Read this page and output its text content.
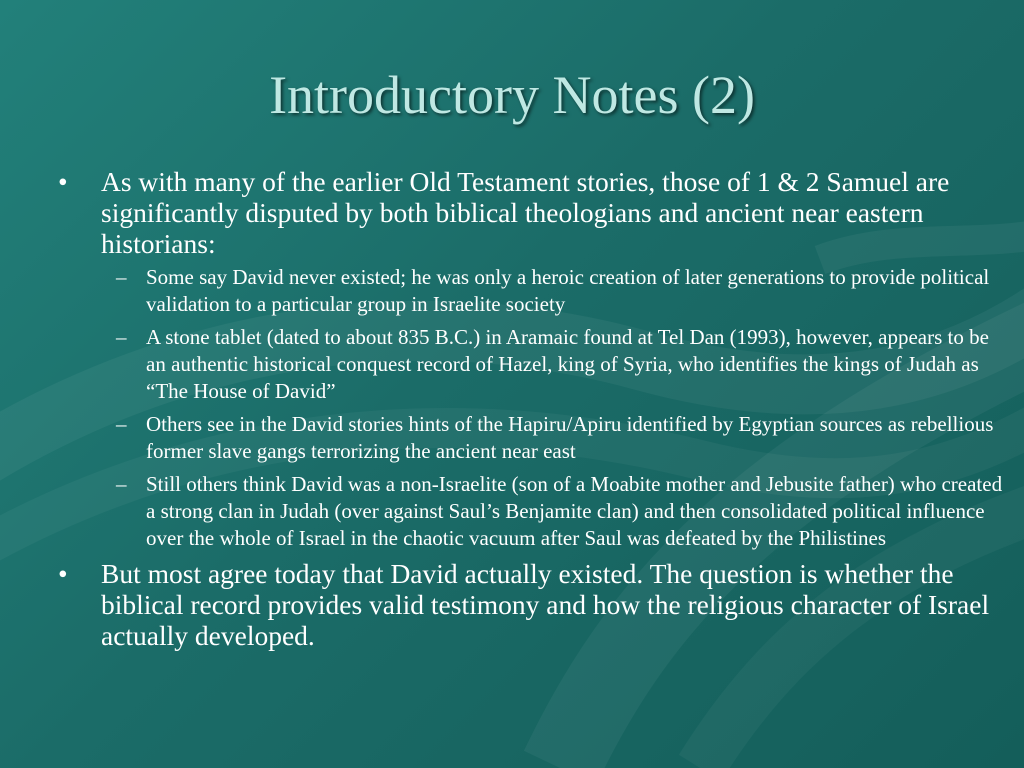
Introductory Notes (2)
•	As with many of the earlier Old Testament stories, those of 1 & 2 Samuel are significantly disputed by both biblical theologians and ancient near eastern historians:
– Some say David never existed; he was only a heroic creation of later generations to provide political validation to a particular group in Israelite society
– A stone tablet (dated to about 835 B.C.) in Aramaic found at Tel Dan (1993), however, appears to be an authentic historical conquest record of Hazel, king of Syria, who identifies the kings of Judah as “The House of David”
– Others see in the David stories hints of the Hapiru/Apiru identified by Egyptian sources as rebellious former slave gangs terrorizing the ancient near east
– Still others think David was a non-Israelite (son of a Moabite mother and Jebusite father) who created a strong clan in Judah (over against Saul’s Benjamite clan) and then consolidated political influence over the whole of Israel in the chaotic vacuum after Saul was defeated by the Philistines
•	But most agree today that David actually existed. The question is whether the biblical record provides valid testimony and how the religious character of Israel actually developed.
